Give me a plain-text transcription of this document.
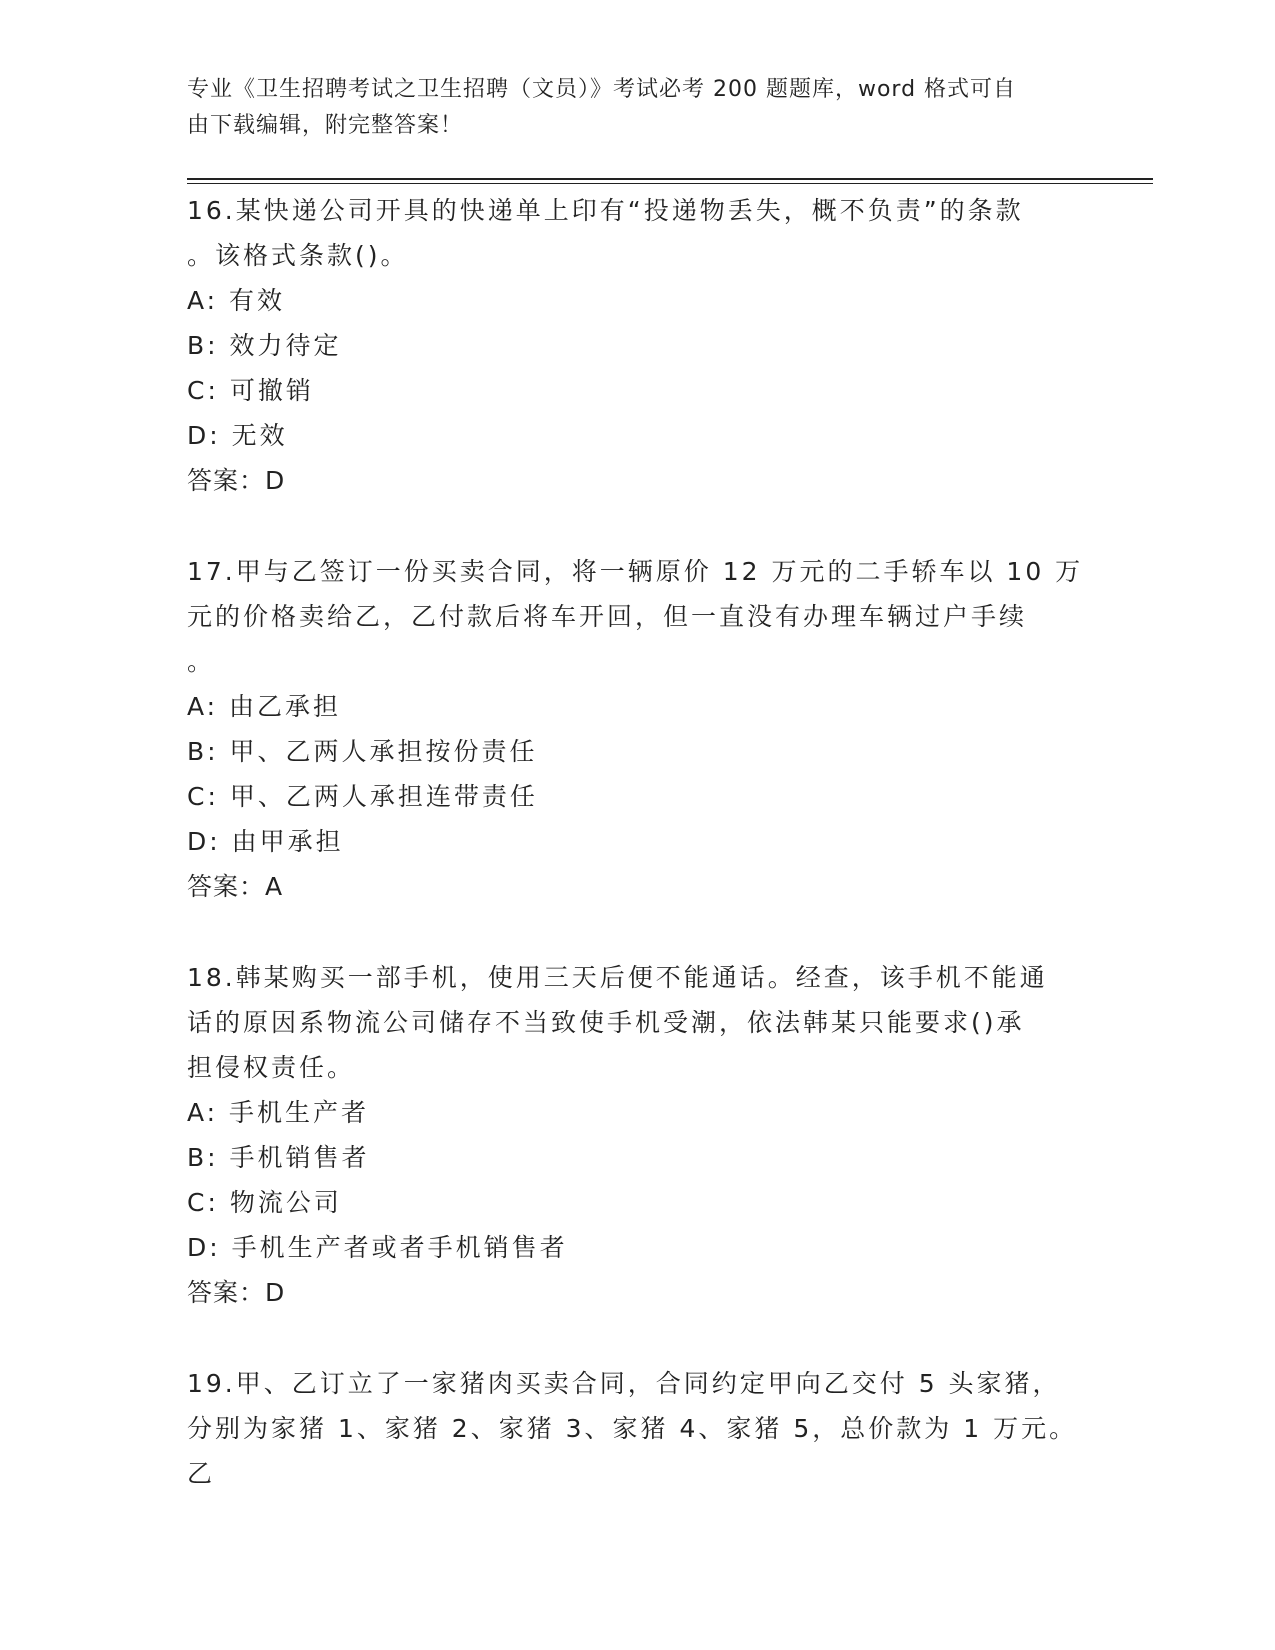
专业《卫生招聘考试之卫生招聘（文员）》考试必考 200 题题库，word 格式可自
由下载编辑，附完整答案！

16.某快递公司开具的快递单上印有“投递物丢失，概不负责”的条款

。该格式条款()。

A: 有效

B: 效力待定

C: 可撤销

D: 无效

答案：D

17.甲与乙签订一份买卖合同，将一辆原价 12 万元的二手轿车以 10 万

元的价格卖给乙，乙付款后将车开回，但一直没有办理车辆过户手续

。

A: 由乙承担

B: 甲、乙两人承担按份责任

C: 甲、乙两人承担连带责任

D: 由甲承担

答案：A

18.韩某购买一部手机，使用三天后便不能通话。经查，该手机不能通

话的原因系物流公司储存不当致使手机受潮，依法韩某只能要求()承

担侵权责任。

A: 手机生产者

B: 手机销售者

C: 物流公司

D: 手机生产者或者手机销售者

答案：D

19.甲、乙订立了一家猪肉买卖合同，合同约定甲向乙交付 5 头家猪，

分别为家猪 1、家猪 2、家猪 3、家猪 4、家猪 5，总价款为 1 万元。乙
